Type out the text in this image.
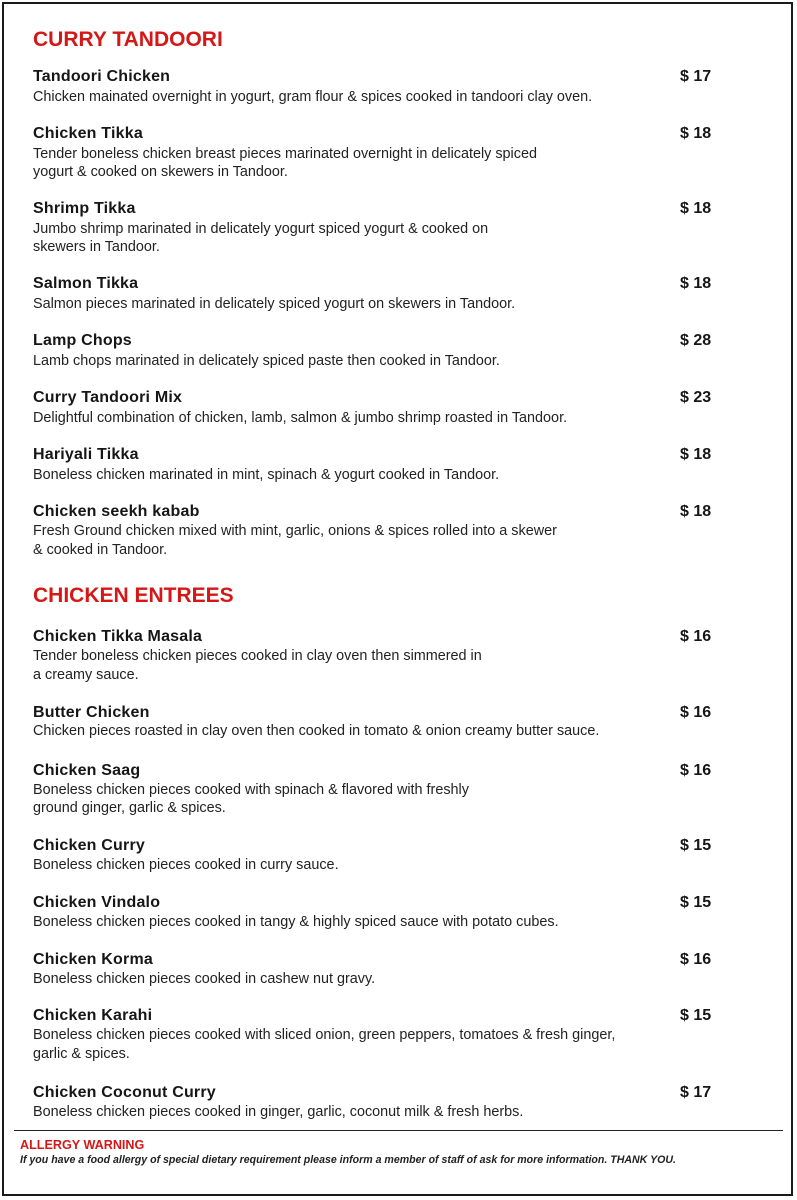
CURRY TANDOORI
Tandoori Chicken	$ 17
Chicken mainated overnight in yogurt, gram flour & spices cooked in tandoori clay oven.
Chicken Tikka	$ 18
Tender boneless chicken breast pieces marinated overnight in delicately spiced
yogurt & cooked on skewers in Tandoor.
Shrimp Tikka	$ 18
Jumbo shrimp marinated in delicately yogurt spiced yogurt & cooked on
skewers in Tandoor.
Salmon Tikka	$ 18
Salmon pieces marinated in delicately spiced yogurt on skewers in Tandoor.
Lamp Chops	$ 28
Lamb chops marinated in delicately spiced paste then cooked in Tandoor.
Curry Tandoori Mix	$ 23
Delightful combination of chicken, lamb, salmon & jumbo shrimp roasted in Tandoor.
Hariyali Tikka	$ 18
Boneless chicken marinated in mint, spinach & yogurt cooked in Tandoor.
Chicken seekh kabab	$ 18
Fresh Ground chicken mixed with mint, garlic, onions & spices rolled into a skewer
& cooked in Tandoor.
CHICKEN ENTREES
Chicken Tikka Masala	$ 16
Tender boneless chicken pieces cooked in clay oven then simmered in
a creamy sauce.
Butter Chicken	$ 16
Chicken pieces roasted in clay oven then cooked in tomato & onion creamy butter sauce.
Chicken Saag	$ 16
Boneless chicken pieces cooked with spinach & flavored with freshly
ground ginger, garlic & spices.
Chicken Curry	$ 15
Boneless chicken pieces cooked in curry sauce.
Chicken Vindalo	$ 15
Boneless chicken pieces cooked in tangy & highly spiced sauce with potato cubes.
Chicken Korma	$ 16
Boneless chicken pieces cooked in cashew nut gravy.
Chicken Karahi	$ 15
Boneless chicken pieces cooked with sliced onion, green peppers, tomatoes & fresh ginger,
garlic & spices.
Chicken Coconut Curry	$ 17
Boneless chicken pieces cooked in ginger, garlic, coconut milk & fresh herbs.
ALLERGY WARNING
If you have a food allergy of special dietary requirement please inform a member of staff of ask for more information. THANK YOU.
